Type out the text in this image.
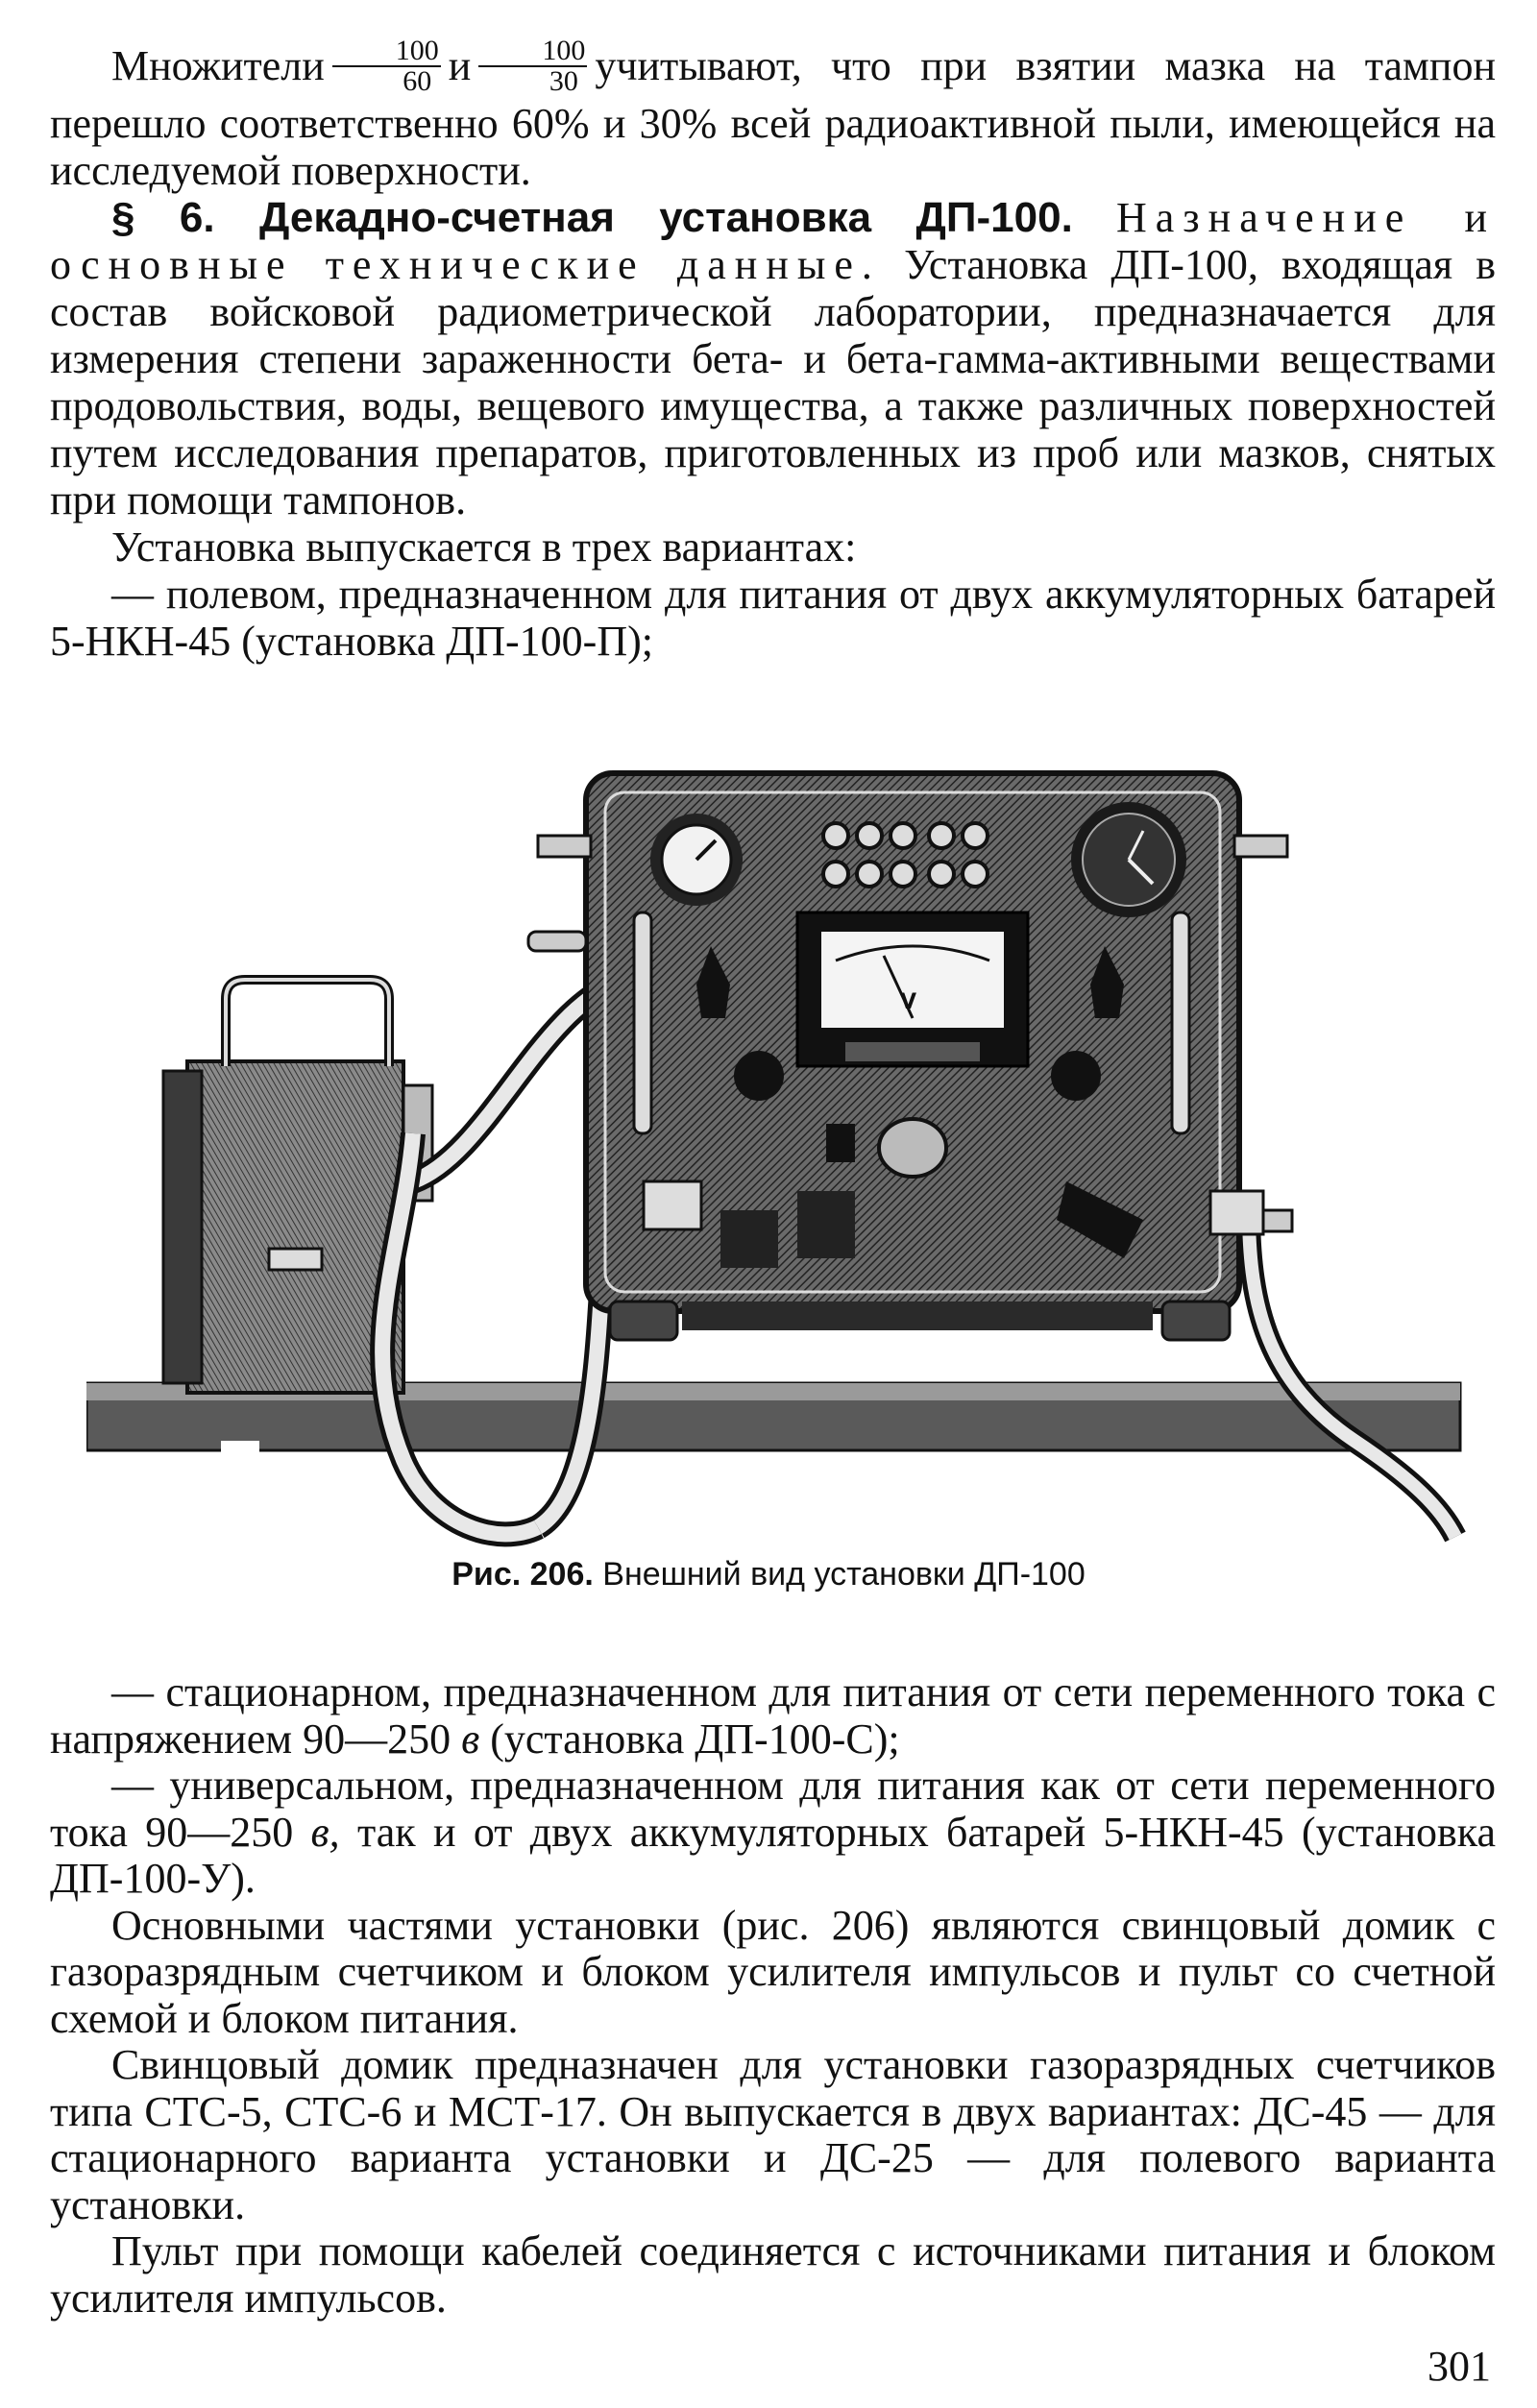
Множители $\frac{100}{60}$ и $\frac{100}{30}$ учитывают, что при взятии мазка на тампон перешло соответственно 60% и 30% всей радиоактивной пыли, имеющейся на исследуемой поверхности.

§ 6. Декадно-счетная установка ДП-100. Назначение и основные технические данные. Установка ДП-100, входящая в состав войсковой радиометрической лаборатории, предназначается для измерения степени зараженности бета- и бета-гамма-активными веществами продовольствия, воды, вещевого имущества, а также различных поверхностей путем исследования препаратов, приготовленных из проб или мазков, снятых при помощи тампонов.

Установка выпускается в трех вариантах:

— полевом, предназначенном для питания от двух аккумуляторных батарей 5-НКН-45 (установка ДП-100-П);

V
Рис. 206. Внешний вид установки ДП-100

— стационарном, предназначенном для питания от сети переменного тока с напряжением 90—250 в (установка ДП-100-С);

— универсальном, предназначенном для питания как от сети переменного тока 90—250 в, так и от двух аккумуляторных батарей 5-НКН-45 (установка ДП-100-У).

Основными частями установки (рис. 206) являются свинцовый домик с газоразрядным счетчиком и блоком усилителя импульсов и пульт со счетной схемой и блоком питания.

Свинцовый домик предназначен для установки газоразрядных счетчиков типа СТС-5, СТС-6 и МСТ-17. Он выпускается в двух вариантах: ДС-45 — для стационарного варианта установки и ДС-25 — для полевого варианта установки.

Пульт при помощи кабелей соединяется с источниками питания и блоком усилителя импульсов.

301
